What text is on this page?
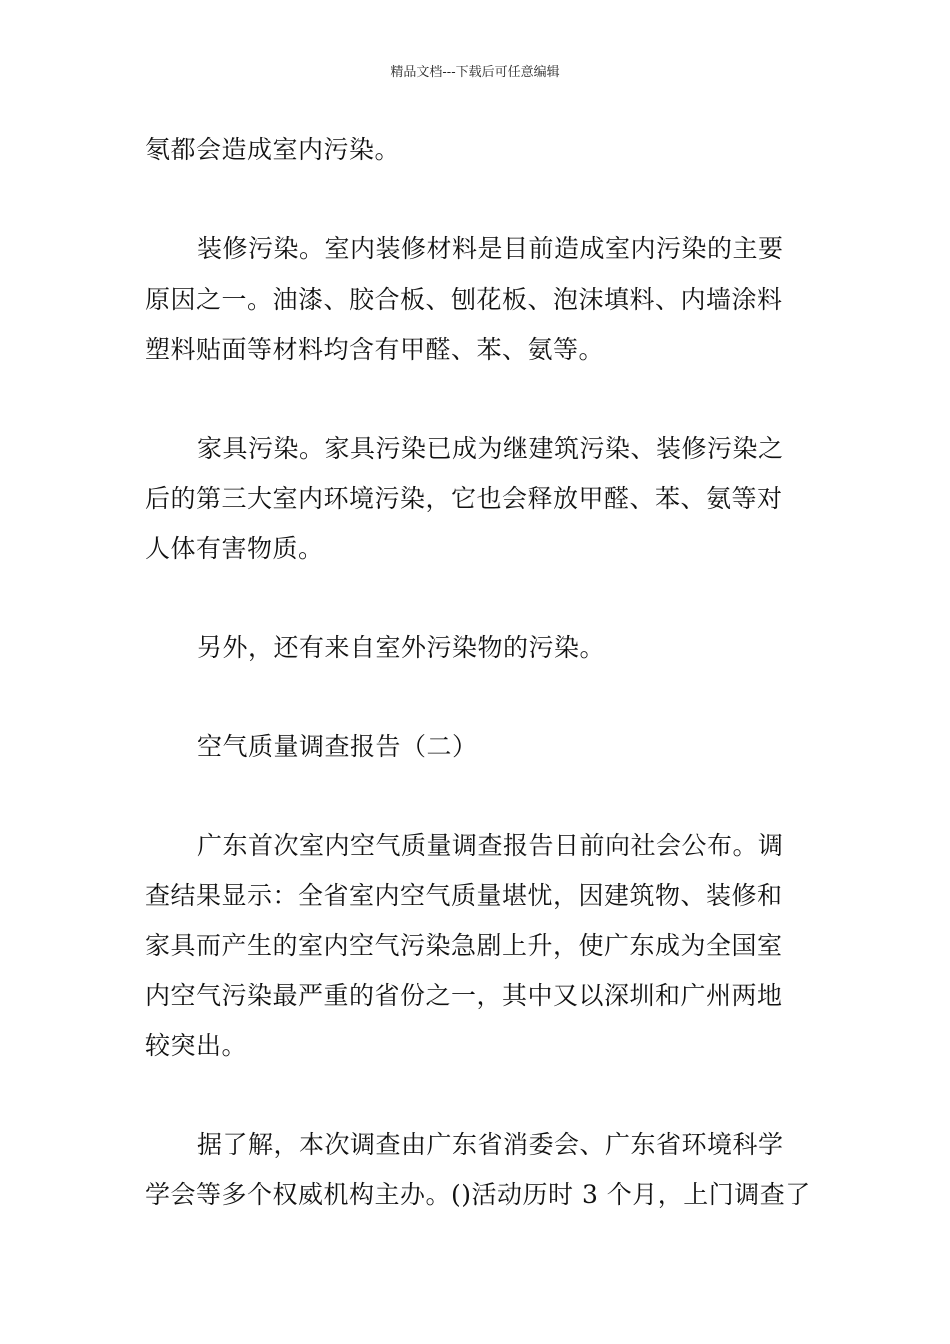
精品文档---下载后可任意编辑
氡都会造成室内污染。
装修污染。室内装修材料是目前造成室内污染的主要
原因之一。油漆、胶合板、刨花板、泡沫填料、内墙涂料
塑料贴面等材料均含有甲醛、苯、氨等。
家具污染。家具污染已成为继建筑污染、装修污染之
后的第三大室内环境污染，它也会释放甲醛、苯、氨等对
人体有害物质。
另外，还有来自室外污染物的污染。
空气质量调查报告（二）
广东首次室内空气质量调查报告日前向社会公布。调
查结果显示：全省室内空气质量堪忧，因建筑物、装修和
家具而产生的室内空气污染急剧上升，使广东成为全国室
内空气污染最严重的省份之一，其中又以深圳和广州两地
较突出。
据了解，本次调查由广东省消委会、广东省环境科学
学会等多个权威机构主办。()活动历时 3 个月，上门调查了
